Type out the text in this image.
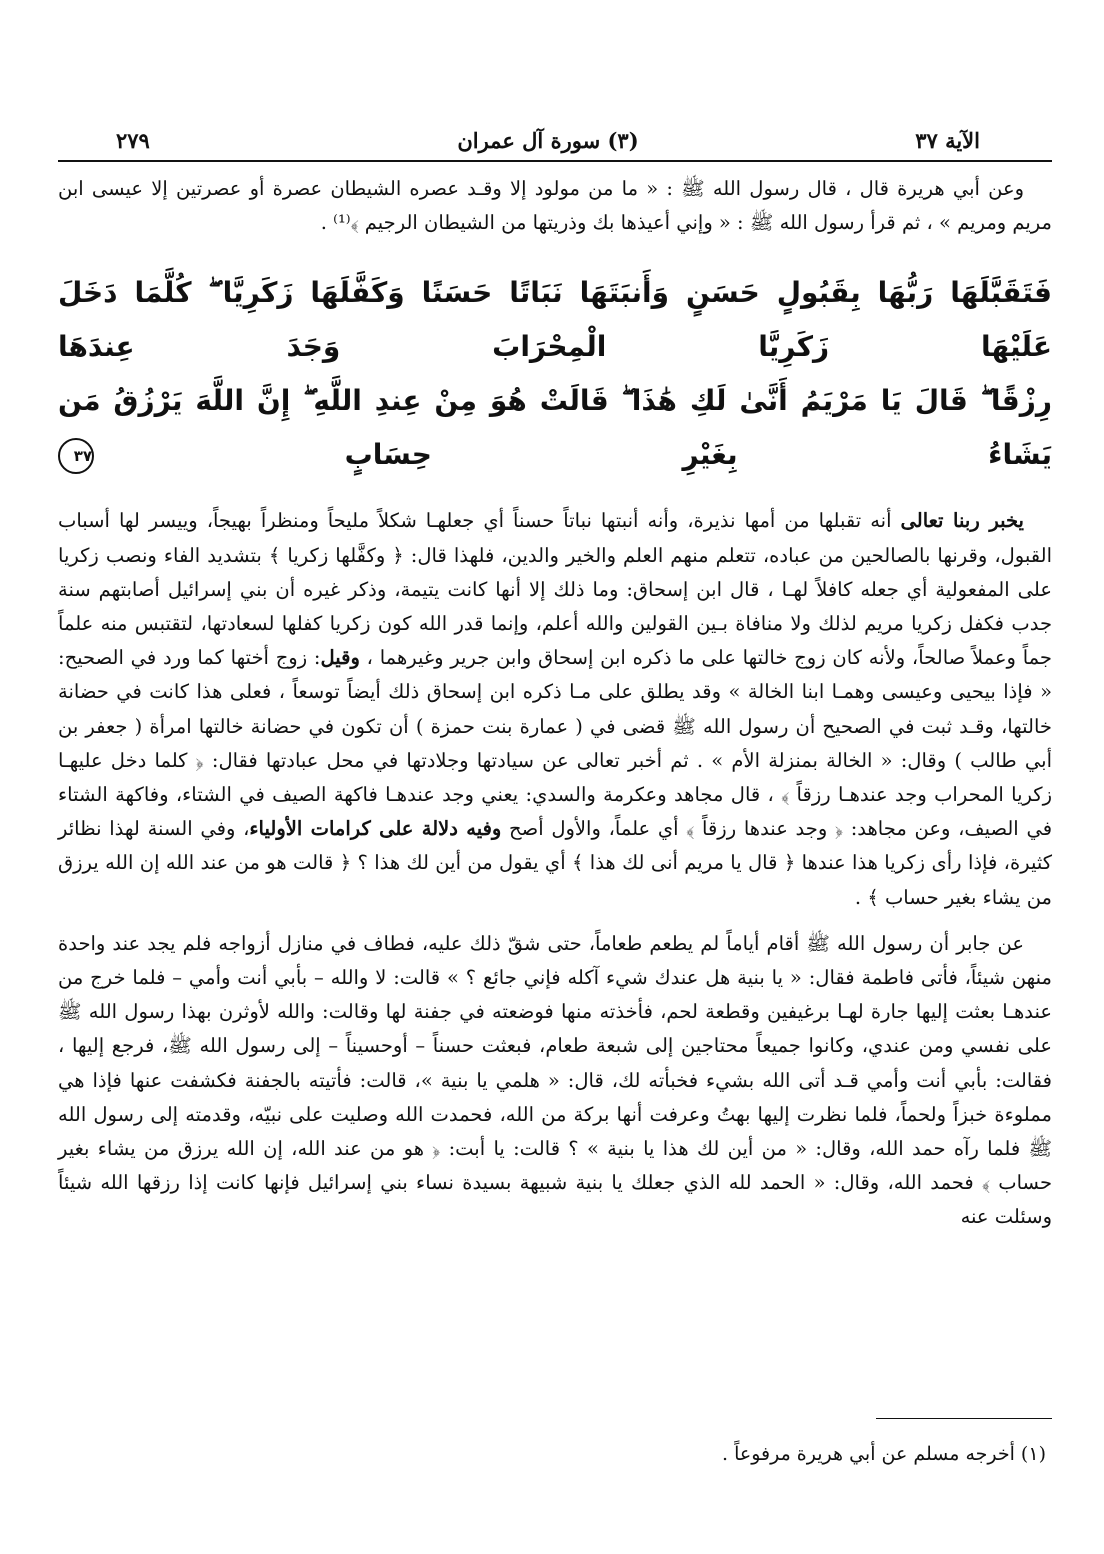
الآية ٣٧
(٣) سورة آل عمران
٢٧٩

وعن أبي هريرة قال ، قال رسول الله ﷺ : « ما من مولود إلا وقـد عصره الشيطان عصرة أو عصرتين إلا عيسى ابن مريم ومريم » ، ثم قرأ رسول الله ﷺ : « وإني أعيذها بك وذريتها من الشيطان الرجيم ﴾⁽¹⁾ .

فَتَقَبَّلَهَا رَبُّهَا بِقَبُولٍ حَسَنٍ وَأَنبَتَهَا نَبَاتًا حَسَنًا وَكَفَّلَهَا زَكَرِيَّا ۖ كُلَّمَا دَخَلَ عَلَيْهَا زَكَرِيَّا الْمِحْرَابَ وَجَدَ عِندَهَا
رِزْقًا ۖ قَالَ يَا مَرْيَمُ أَنَّىٰ لَكِ هَٰذَا ۖ قَالَتْ هُوَ مِنْ عِندِ اللَّهِ ۖ إِنَّ اللَّهَ يَرْزُقُ مَن يَشَاءُ بِغَيْرِ حِسَابٍ ٣٧

يخبر ربنا تعالى أنه تقبلها من أمها نذيرة، وأنه أنبتها نباتاً حسناً أي جعلهـا شكلاً مليحاً ومنظراً بهيجاً، وييسر لها أسباب القبول، وقرنها بالصالحين من عباده، تتعلم منهم العلم والخير والدين، فلهذا قال: ﴿ وكفَّلها زكريا ﴾ بتشديد الفاء ونصب زكريا على المفعولية أي جعله كافلاً لهـا ، قال ابن إسحاق: وما ذلك إلا أنها كانت يتيمة، وذكر غيره أن بني إسرائيل أصابتهم سنة جدب فكفل زكريا مريم لذلك ولا منافاة بـين القولين والله أعلم، وإنما قدر الله كون زكريا كفلها لسعادتها، لتقتبس منه علماً جماً وعملاً صالحاً، ولأنه كان زوج خالتها على ما ذكره ابن إسحاق وابن جرير وغيرهما ، وقيل: زوج أختها كما ورد في الصحيح: « فإذا بيحيى وعيسى وهمـا ابنا الخالة » وقد يطلق على مـا ذكره ابن إسحاق ذلك أيضاً توسعاً ، فعلى هذا كانت في حضانة خالتها، وقـد ثبت في الصحيح أن رسول الله ﷺ قضى في ( عمارة بنت حمزة ) أن تكون في حضانة خالتها امرأة ( جعفر بن أبي طالب ) وقال: « الخالة بمنزلة الأم » . ثم أخبر تعالى عن سيادتها وجلادتها في محل عبادتها فقال: ﴿ كلما دخل عليهـا زكريا المحراب وجد عندهـا رزقاً ﴾ ، قال مجاهد وعكرمة والسدي: يعني وجد عندهـا فاكهة الصيف في الشتاء، وفاكهة الشتاء في الصيف، وعن مجاهد: ﴿ وجد عندها رزقاً ﴾ أي علماً، والأول أصح وفيه دلالة على كرامات الأولياء، وفي السنة لهذا نظائر كثيرة، فإذا رأى زكريا هذا عندها ﴿ قال يا مريم أنى لك هذا ﴾ أي يقول من أين لك هذا ؟ ﴿ قالت هو من عند الله إن الله يرزق من يشاء بغير حساب ﴾ .

عن جابر أن رسول الله ﷺ أقام أياماً لم يطعم طعاماً، حتى شقّ ذلك عليه، فطاف في منازل أزواجه فلم يجد عند واحدة منهن شيئاً، فأتى فاطمة فقال: « يا بنية هل عندك شيء آكله فإني جائع ؟ » قالت: لا والله – بأبي أنت وأمي – فلما خرج من عندهـا بعثت إليها جارة لهـا برغيفين وقطعة لحم، فأخذته منها فوضعته في جفنة لها وقالت: والله لأوثرن بهذا رسول الله ﷺ على نفسي ومن عندي، وكانوا جميعاً محتاجين إلى شبعة طعام، فبعثت حسناً – أوحسيناً – إلى رسول الله ﷺ، فرجع إليها ، فقالت: بأبي أنت وأمي قـد أتى الله بشيء فخبأته لك، قال: « هلمي يا بنية »، قالت: فأتيته بالجفنة فكشفت عنها فإذا هي مملوءة خبزاً ولحماً، فلما نظرت إليها بهتُ وعرفت أنها بركة من الله، فحمدت الله وصليت على نبيّه، وقدمته إلى رسول الله ﷺ فلما رآه حمد الله، وقال: « من أين لك هذا يا بنية » ؟ قالت: يا أبت: ﴿ هو من عند الله، إن الله يرزق من يشاء بغير حساب ﴾ فحمد الله، وقال: « الحمد لله الذي جعلك يا بنية شبيهة بسيدة نساء بني إسرائيل فإنها كانت إذا رزقها الله شيئاً وسئلت عنه

(١) أخرجه مسلم عن أبي هريرة مرفوعاً .
